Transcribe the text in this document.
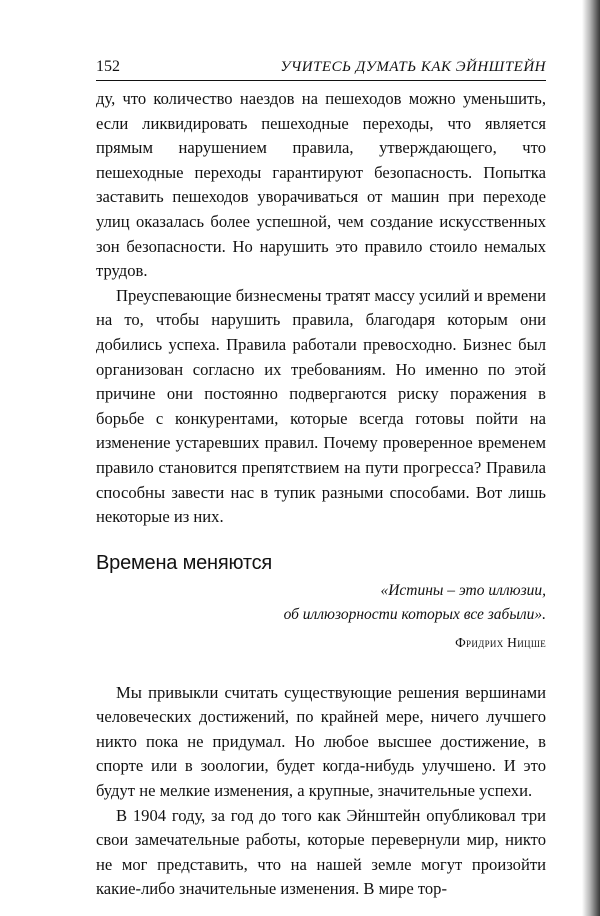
152	УЧИТЕСЬ ДУМАТЬ КАК ЭЙНШТЕЙН

ду, что количество наездов на пешеходов можно уменьшить, если ликвидировать пешеходные переходы, что является прямым нарушением правила, утверждающего, что пешеходные переходы гарантируют безопасность. Попытка заставить пешеходов уворачиваться от машин при переходе улиц оказалась более успешной, чем создание искусственных зон безопасности. Но нарушить это правило стоило немалых трудов.

Преуспевающие бизнесмены тратят массу усилий и времени на то, чтобы нарушить правила, благодаря которым они добились успеха. Правила работали превосходно. Бизнес был организован согласно их требованиям. Но именно по этой причине они постоянно подвергаются риску поражения в борьбе с конкурентами, которые всегда готовы пойти на изменение устаревших правил. Почему проверенное временем правило становится препятствием на пути прогресса? Правила способны завести нас в тупик разными способами. Вот лишь некоторые из них.

Времена меняются
«Истины – это иллюзии,
об иллюзорности которых все забыли».
Фридрих Ницше

Мы привыкли считать существующие решения вершинами человеческих достижений, по крайней мере, ничего лучшего никто пока не придумал. Но любое высшее достижение, в спорте или в зоологии, будет когда-нибудь улучшено. И это будут не мелкие изменения, а крупные, значительные успехи.

В 1904 году, за год до того как Эйнштейн опубликовал три свои замечательные работы, которые перевернули мир, никто не мог представить, что на нашей земле могут произойти какие-либо значительные изменения. В мире тор-
